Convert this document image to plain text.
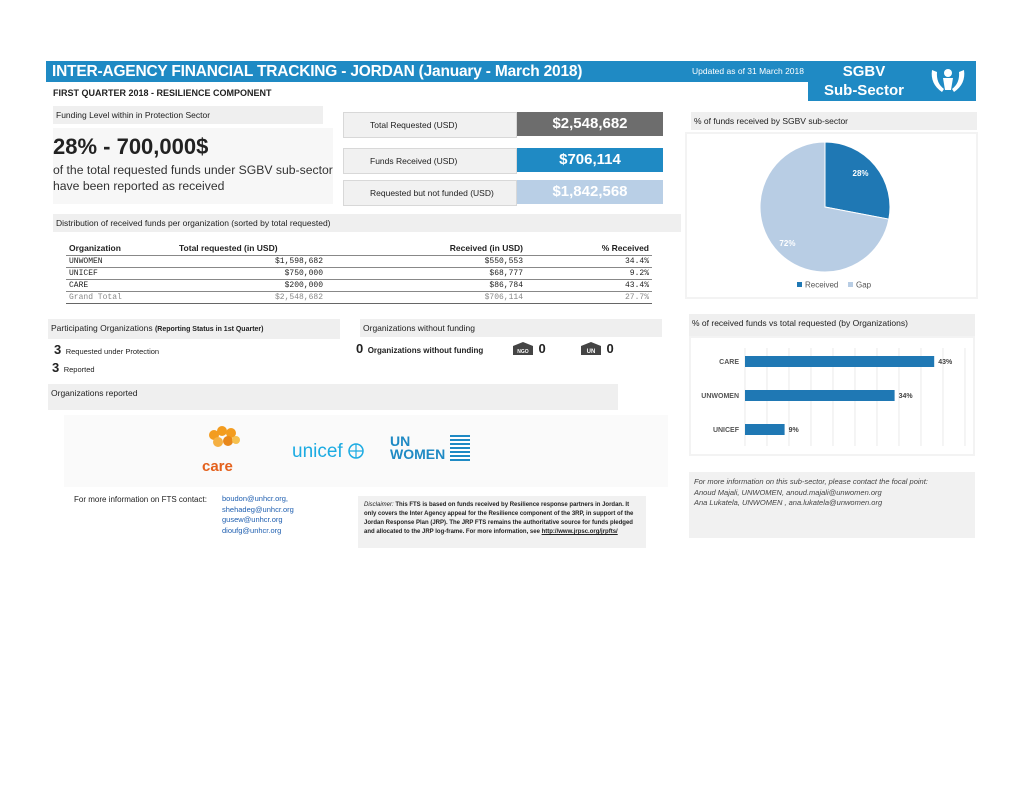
INTER-AGENCY FINANCIAL TRACKING - JORDAN (January - March 2018)	Updated as of 31 March 2018	SGBV
Sub-Sector
FIRST QUARTER 2018 - RESILIENCE COMPONENT
Funding Level within in Protection Sector
28% - 700,000$
of the total requested funds under SGBV sub-sector have been reported as received
Total Requested (USD)	$2,548,682
Funds Received (USD)	$706,114
Requested but not funded (USD)	$1,842,568
Distribution of received funds per organization (sorted by total requested)
Organization	Total requested (in USD)	Received (in USD)	% Received
UNWOMEN	$1,598,682	$550,553	34.4%
UNICEF	$750,000	$68,777	9.2%
CARE	$200,000	$86,784	43.4%
Grand Total	$2,548,682	$706,114	27.7%
Participating Organizations (Reporting Status in 1st Quarter)
3 Requested under Protection
3 Reported
Organizations without funding
0 Organizations without funding	NGO 0	UN 0
Organizations reported
care
unicef	UN WOMEN
For more information on FTS contact: boudon@unhcr.org,
shehadeg@unhcr.org
gusew@unhcr.org
dioufg@unhcr.org
Disclaimer: This FTS is based on funds received by Resilience response partners in Jordan. It only covers the Inter Agency appeal for the Resilience component of the 3RP, in support of the Jordan Response Plan (JRP). The JRP FTS remains the authoritative source for funds pledged and allocated to the JRP log-frame. For more information, see http://www.jrpsc.org/jrpfts/
% of funds received by SGBV sub-sector
28%
72%
Received Gap
% of received funds vs total requested (by Organizations)
CARE	43%
UNWOMEN	34%
UNICEF	9%
For more information on this sub-sector, please contact the focal point:
Anoud Majali, UNWOMEN, anoud.majali@unwomen.org
Ana Lukatela, UNWOMEN , ana.lukatela@unwomen.org
